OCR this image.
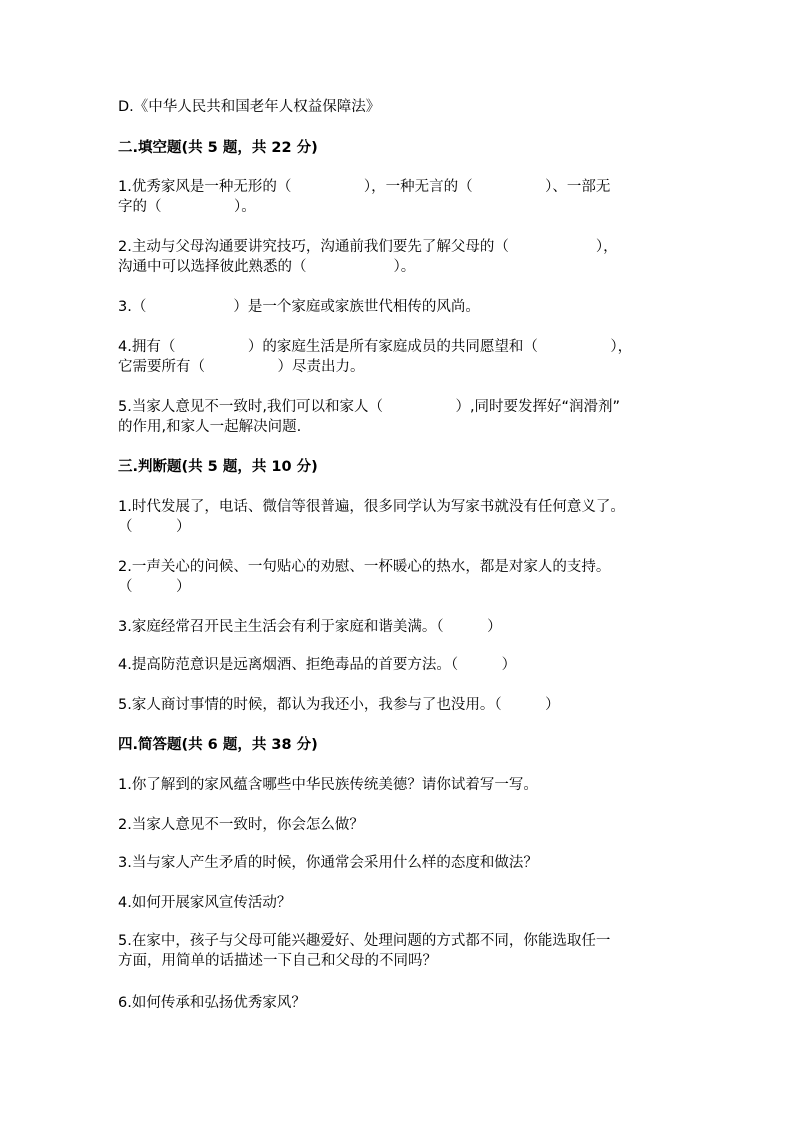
D.《中华人民共和国老年人权益保障法》
二.填空题(共 5 题，共 22 分)
1.优秀家风是一种无形的（　　　　　），一种无言的（　　　　　）、一部无
字的（　　　　　）。
2.主动与父母沟通要讲究技巧，沟通前我们要先了解父母的（　　　　　　），
沟通中可以选择彼此熟悉的（　　　　　　）。
3.（　　　　　　）是一个家庭或家族世代相传的风尚。
4.拥有（　　　　　）的家庭生活是所有家庭成员的共同愿望和（　　　　　），
它需要所有（　　　　　）尽责出力。
5.当家人意见不一致时,我们可以和家人（　　　　　）,同时要发挥好“润滑剂”
的作用,和家人一起解决问题.
三.判断题(共 5 题，共 10 分)
1.时代发展了，电话、微信等很普遍，很多同学认为写家书就没有任何意义了。
（　　　）
2.一声关心的问候、一句贴心的劝慰、一杯暖心的热水，都是对家人的支持。
（　　　）
3.家庭经常召开民主生活会有利于家庭和谐美满。（　　　）
4.提高防范意识是远离烟酒、拒绝毒品的首要方法。（　　　）
5.家人商讨事情的时候，都认为我还小，我参与了也没用。（　　　）
四.简答题(共 6 题，共 38 分)
1.你了解到的家风蕴含哪些中华民族传统美德？请你试着写一写。
2.当家人意见不一致时，你会怎么做？
3.当与家人产生矛盾的时候，你通常会采用什么样的态度和做法？
4.如何开展家风宣传活动？
5.在家中，孩子与父母可能兴趣爱好、处理问题的方式都不同，你能选取任一
方面，用简单的话描述一下自己和父母的不同吗？
6.如何传承和弘扬优秀家风？
